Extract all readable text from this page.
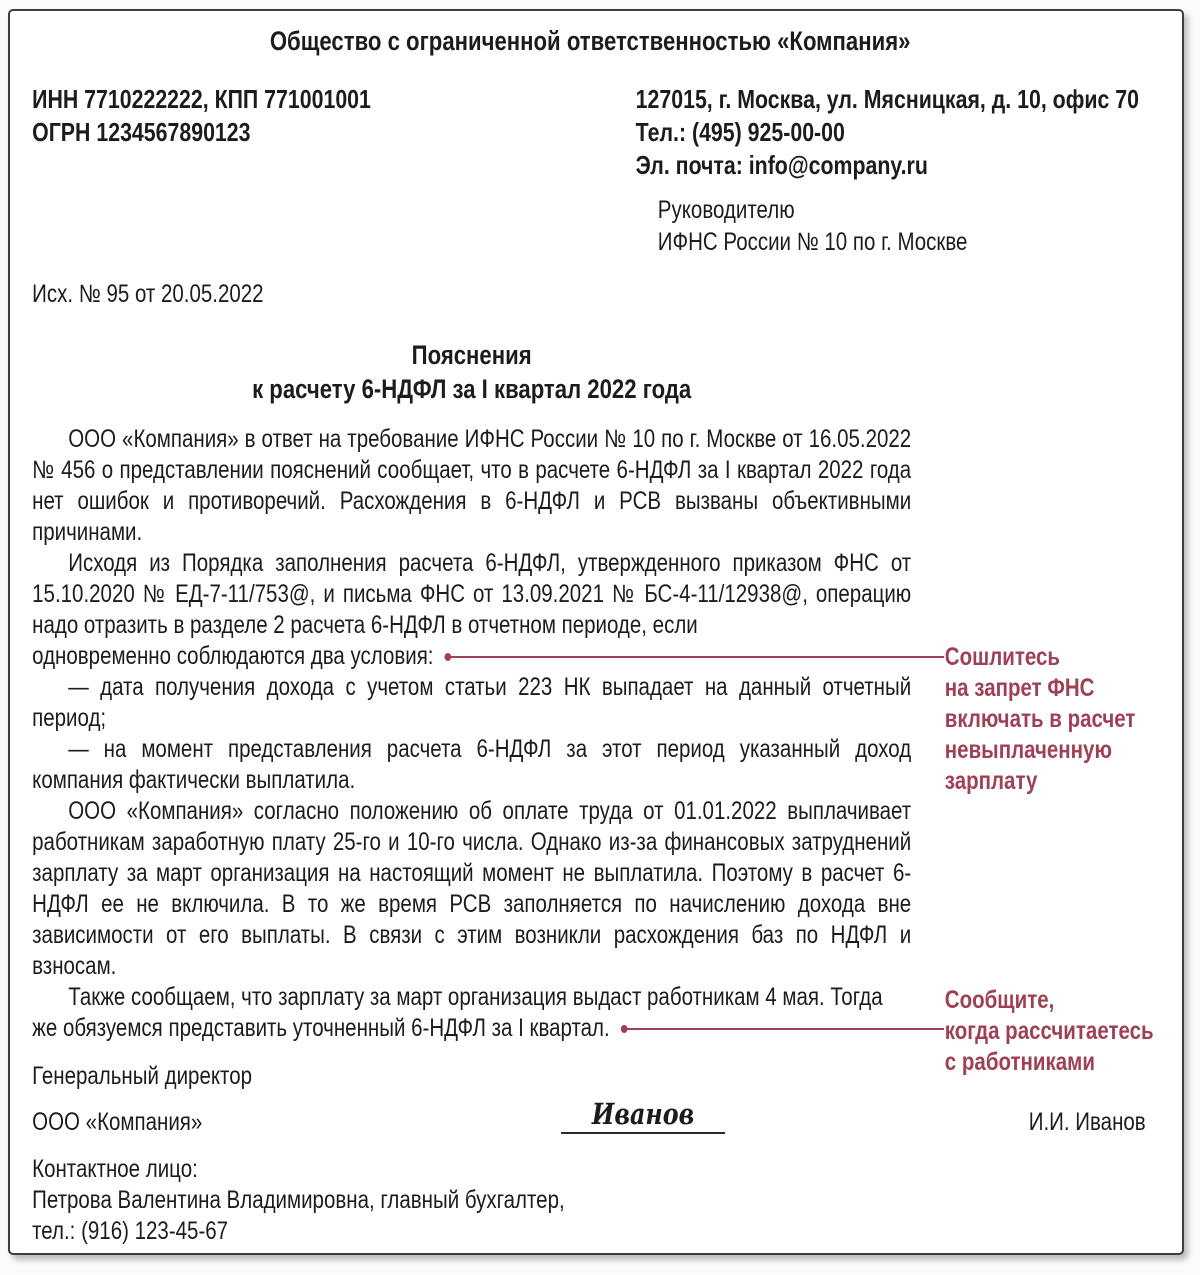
Общество с ограниченной ответственностью «Компания»
ИНН 7710222222, КПП 771001001
ОГРН 1234567890123
127015, г. Москва, ул. Мясницкая, д. 10, офис 70
Тел.: (495) 925-00-00
Эл. почта: info@company.ru
Руководителю
ИФНС России № 10 по г. Москве
Исх. № 95 от 20.05.2022
Пояснения
к расчету 6-НДФЛ за I квартал 2022 года

ООО «Компания» в ответ на требование ИФНС России № 10 по г. Москве от 16.05.2022 № 456 о представлении пояснений сообщает, что в расчете 6-НДФЛ за I квартал 2022 года нет ошибок и противоречий. Расхождения в 6-НДФЛ и РСВ вызваны объективными причинами.

Исходя из Порядка заполнения расчета 6-НДФЛ, утвержденного приказом ФНС от 15.10.2020 № ЕД-7-11/753@, и письма ФНС от 13.09.2021 № БС-4-11/12938@, операцию надо отразить в разделе 2 расчета 6-НДФЛ в отчетном периоде, если

одновременно соблюдаются два условия:	Сошлитесь
на запрет ФНС
включать в расчет
невыплаченную
зарплату

— дата получения дохода с учетом статьи 223 НК выпадает на данный отчетный период;

— на момент представления расчета 6-НДФЛ за этот период указанный доход компания фактически выплатила.

ООО «Компания» согласно положению об оплате труда от 01.01.2022 выплачивает работникам заработную плату 25-го и 10-го числа. Однако из-за финансовых затруднений зарплату за март организация на настоящий момент не выплатила. Поэтому в расчет 6-НДФЛ ее не включила. В то же время РСВ заполняется по начислению дохода вне зависимости от его выплаты. В связи с этим возникли расхождения баз по НДФЛ и взносам.

Также сообщаем, что зарплату за март организация выдаст работникам 4 мая. Тогда

же обязуемся представить уточненный 6-НДФЛ за I квартал.
Сообщите,
когда рассчитаетесь
с работниками
Генеральный директор
ООО «Компания»	Иванов	И.И. Иванов
Контактное лицо:
Петрова Валентина Владимировна, главный бухгалтер,
тел.: (916) 123-45-67
